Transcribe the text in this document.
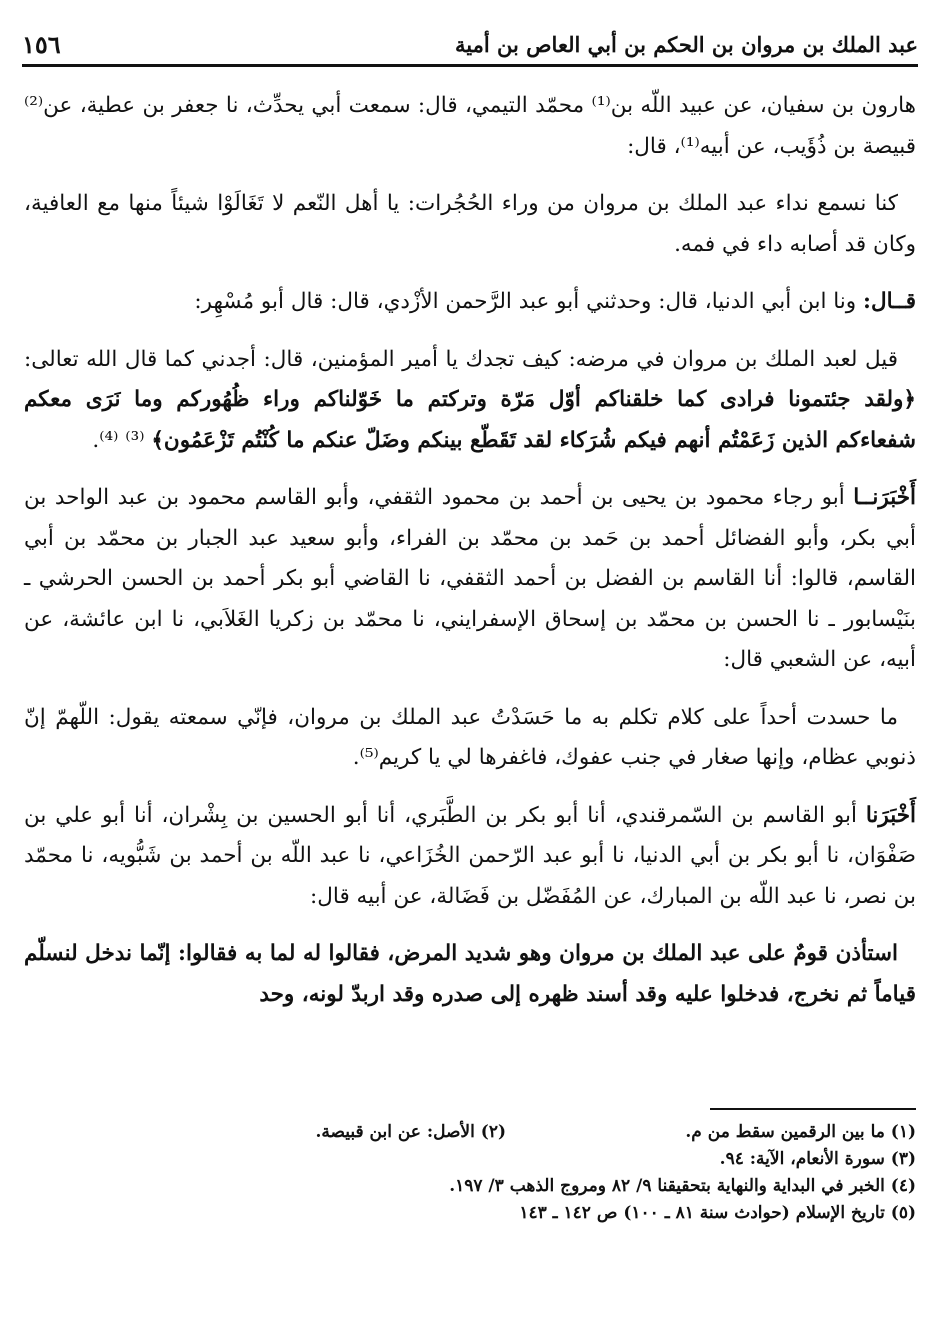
عبد الملك بن مروان بن الحكم بن أبي العاص بن أمية
١٥٦

هارون بن سفيان، عن عبيد اللّه بن⁽¹⁾ محمّد التيمي، قال: سمعت أبي يحدِّث، نا جعفر بن عطية، عن⁽²⁾ قبيصة بن ذُؤَيب، عن أبيه⁽¹⁾، قال:

كنا نسمع نداء عبد الملك بن مروان من وراء الحُجُرات: يا أهل النّعم لا تَغَالَوْا شيئاً منها مع العافية، وكان قد أصابه داء في فمه.

قــال: ونا ابن أبي الدنيا، قال: وحدثني أبو عبد الرَّحمن الأزْدي، قال: قال أبو مُسْهِر:

قيل لعبد الملك بن مروان في مرضه: كيف تجدك يا أمير المؤمنين، قال: أجدني كما قال الله تعالى: ﴿ولقد جئتمونا فرادى كما خلقناكم أوّل مَرّة وتركتم ما خَوّلناكم وراء ظُهُوركم وما نَرَى معكم شفعاءكم الذين زَعَمْتُم أنهم فيكم شُرَكاء لقد تَقَطّع بينكم وضَلّ عنكم ما كُنْتُم تَزْعَمُون﴾ ⁽³⁾ ⁽⁴⁾.

أَخْبَرَنــا أبو رجاء محمود بن يحيى بن أحمد بن محمود الثقفي، وأبو القاسم محمود بن عبد الواحد بن أبي بكر، وأبو الفضائل أحمد بن حَمد بن محمّد بن الفراء، وأبو سعيد عبد الجبار بن محمّد بن أبي القاسم، قالوا: أنا القاسم بن الفضل بن أحمد الثقفي، نا القاضي أبو بكر أحمد بن الحسن الحرشي ـ بنَيْسابور ـ نا الحسن بن محمّد بن إسحاق الإسفرايني، نا محمّد بن زكريا الغَلاَبي، نا ابن عائشة، عن أبيه، عن الشعبي قال:

ما حسدت أحداً على كلام تكلم به ما حَسَدْتُ عبد الملك بن مروان، فإنّي سمعته يقول: اللّهمّ إنّ ذنوبي عظام، وإنها صغار في جنب عفوك، فاغفرها لي يا كريم⁽⁵⁾.

أَخْبَرَنا أبو القاسم بن السّمرقندي، أنا أبو بكر بن الطَّبَري، أنا أبو الحسين بن بِشْران، أنا أبو علي بن صَفْوَان، نا أبو بكر بن أبي الدنيا، نا أبو عبد الرّحمن الخُزَاعي، نا عبد اللّه بن أحمد بن شَبُّويه، نا محمّد بن نصر، نا عبد اللّه بن المبارك، عن المُفَضّل بن فَضَالة، عن أبيه قال:

استأذن قومٌ على عبد الملك بن مروان وهو شديد المرض، فقالوا له لما به فقالوا: إنّما ندخل لنسلّم قياماً ثم نخرج، فدخلوا عليه وقد أسند ظهره إلى صدره وقد اربدّ لونه، وحد

(١) ما بين الرقمين سقط من م.
(٢) الأصل: عن ابن قبيصة.
(٣) سورة الأنعام، الآية: ٩٤.
(٤) الخبر في البداية والنهاية بتحقيقنا ٩/ ٨٢ ومروج الذهب ٣/ ١٩٧.
(٥) تاريخ الإسلام (حوادث سنة ٨١ ـ ١٠٠) ص ١٤٢ ـ ١٤٣
